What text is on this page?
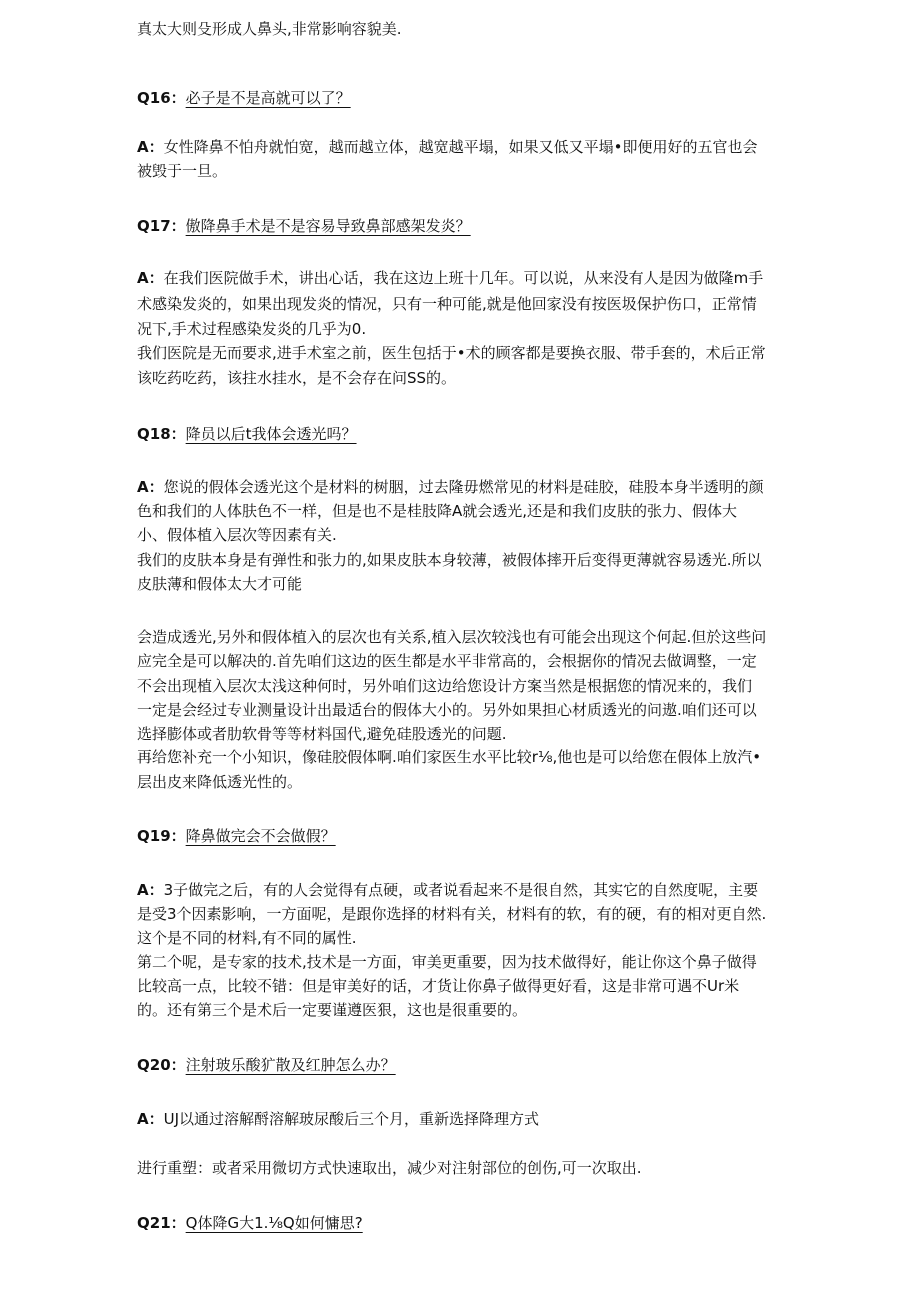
真太大则殳形成人鼻头,非常影响容貌美.

Q16：必子是不是高就可以了？

A：女性降鼻不怕舟就怕宽，越而越立体，越宽越平塌，如果又低又平塌•即便用好的五官也会

被毁于一旦。

Q17：傲降鼻手术是不是容易导致鼻部感架发炎？

A：在我们医院做手术，讲出心话，我在这边上班十几年。可以说，从来没有人是因为做隆m手

术感染发炎的，如果出现发炎的情况，只有一种可能,就是他回家没有按医圾保护伤口，正常情

况下,手术过程感染发炎的几乎为0.

我们医院是无而要求,进手术室之前，医生包括于•术的顾客都是要换衣服、带手套的，术后正常

该吃药吃药，该拄水挂水，是不会存在问SS的。

Q18：降员以后t我体会透光吗？

A：您说的假体会透光这个是材料的树胭，过去隆毋燃常见的材料是硅胶，硅股本身半透明的颜

色和我们的人体肤色不一样，但是也不是桂肢降A就会透光,还是和我们皮肤的张力、假体大

小、假体植入层次等因素有关.

我们的皮肤本身是有弹性和张力的,如果皮肤本身较薄，被假体摔开后变得更薄就容易透光.所以

皮肤薄和假体太大才可能

会造成透光,另外和假体植入的层次也有关系,植入层次较浅也有可能会出现这个何起.但於这些问

应完全是可以解决的.首先咱们这边的医生都是水平非常高的，会根据你的情况去做调整，一定

不会出现植入层次太浅这种何时，另外咱们这边给您设计方案当然是根据您的情况来的，我们

一定是会经过专业测量设计出最适台的假体大小的。另外如果担心材质透光的问遨.咱们还可以

选择膨体或者肋软骨等等材料国代,避免硅股透光的问题.

再给您补充一个小知识，像硅胶假体啊.咱们家医生水平比较r⅛,他也是可以给您在假体上放汽•

层出皮来降低透光性的。

Q19：降鼻做完会不会做假？

A：3子做完之后，有的人会觉得有点硬，或者说看起来不是很自然，其实它的自然度呢，主要

是受3个因素影响，一方面呢，是跟你选择的材料有关，材料有的软，有的硬，有的相对更自然.

这个是不同的材料,有不同的属性.

第二个呢，是专家的技术,技术是一方面，审美更重要，因为技术做得好，能让你这个鼻子做得

比较高一点，比较不错：但是审美好的话，才货让你鼻子做得更好看，这是非常可遇不Ur米

的。还有第三个是术后一定要谨遵医狠，这也是很重要的。

Q20：注射玻乐酸犷散及红肿怎么办？

A：UJ以通过溶解酹溶解玻尿酸后三个月，重新选择降理方式

进行重塑：或者采用微切方式快速取出，减少对注射部位的创伤,可一次取出.

Q21：Q体降G大1.⅛Q如何慵思?
